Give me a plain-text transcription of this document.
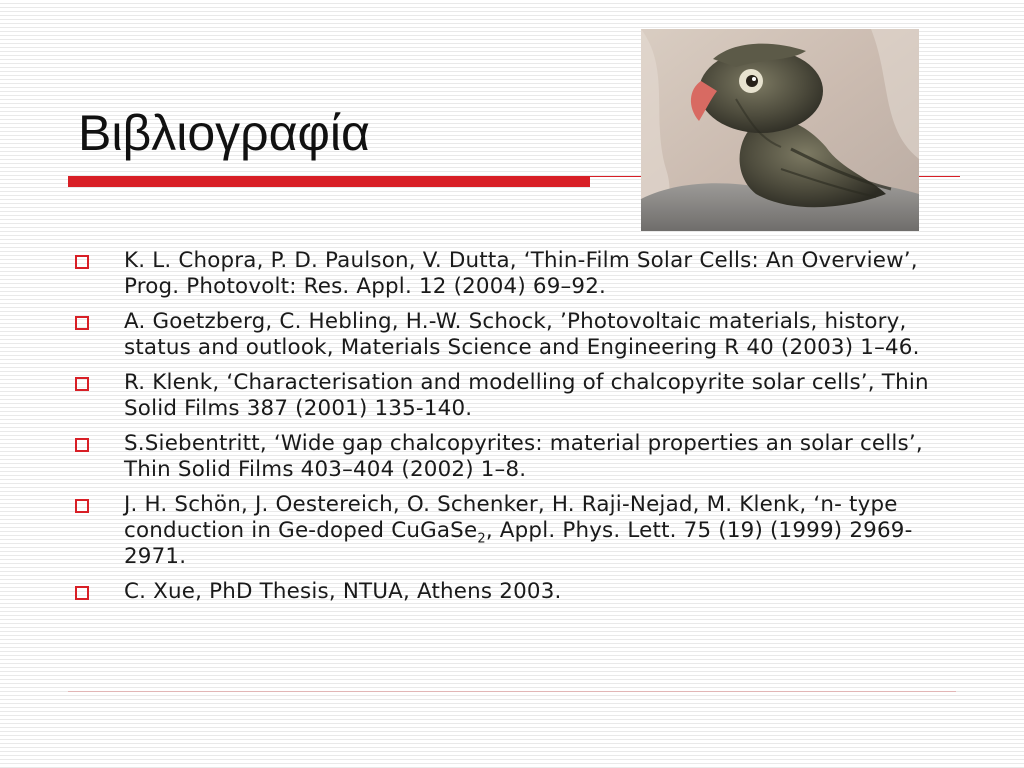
Βιβλιογραφία
K. L. Chopra, P. D. Paulson, V. Dutta, ‘Thin-Film Solar Cells: An Overview’, Prog. Photovolt: Res. Appl. 12 (2004) 69–92.
A. Goetzberg, C. Hebling, H.-W. Schock, ’Photovoltaic materials, history, status and outlook, Materials Science and Engineering R 40 (2003) 1–46.
R. Klenk, ‘Characterisation and modelling of chalcopyrite solar cells’, Thin Solid Films 387 (2001) 135-140.
S.Siebentritt, ‘Wide gap chalcopyrites: material properties an solar cells’, Thin Solid Films 403–404 (2002) 1–8.
J. H. Schön, J. Oestereich, O. Schenker, H. Raji-Nejad, M. Klenk, ‘n- type conduction in Ge-doped CuGaSe$_2$, Appl. Phys. Lett. 75 (19) (1999) 2969-2971.
C. Xue, PhD Thesis, NTUA, Athens 2003.
